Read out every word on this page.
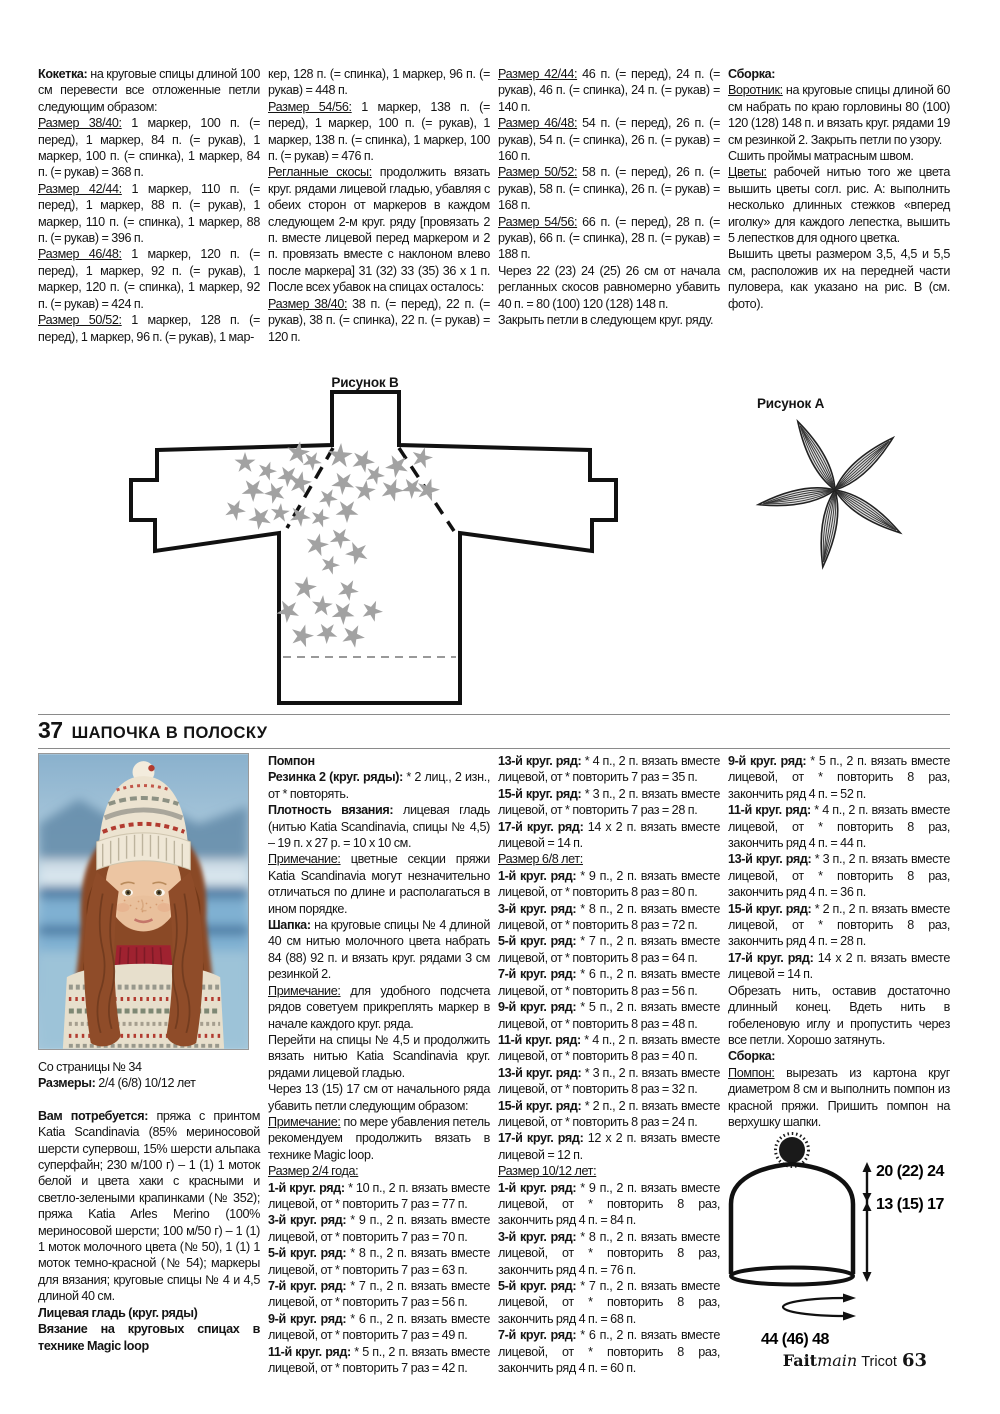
Кокетка: на круговые спицы длиной 100 см перевести все отложенные петли следующим образом:

Размер 38/40: 1 маркер, 100 п. (= перед), 1 маркер, 84 п. (= рукав), 1 маркер, 100 п. (= спинка), 1 маркер, 84 п. (= рукав) = 368 п.

Размер 42/44: 1 маркер, 110 п. (= перед), 1 маркер, 88 п. (= рукав), 1 маркер, 110 п. (= спинка), 1 маркер, 88 п. (= рукав) = 396 п.

Размер 46/48: 1 маркер, 120 п. (= перед), 1 маркер, 92 п. (= рукав), 1 маркер, 120 п. (= спинка), 1 маркер, 92 п. (= рукав) = 424 п.

Размер 50/52: 1 маркер, 128 п. (= перед), 1 маркер, 96 п. (= рукав), 1 мар-

кер, 128 п. (= спинка), 1 маркер, 96 п. (= рукав) = 448 п.

Размер 54/56: 1 маркер, 138 п. (= перед), 1 маркер, 100 п. (= рукав), 1 маркер, 138 п. (= спинка), 1 маркер, 100 п. (= рукав) = 476 п.

Регланные скосы: продолжить вязать круг. рядами лицевой гладью, убавляя с обеих сторон от маркеров в каждом следующем 2-м круг. ряду [провязать 2 п. вместе лицевой перед маркером и 2 п. провязать вместе с наклоном влево после маркера] 31 (32) 33 (35) 36 х 1 п. После всех убавок на спицах осталось:

Размер 38/40: 38 п. (= перед), 22 п. (= рукав), 38 п. (= спинка), 22 п. (= рукав) = 120 п.

Размер 42/44: 46 п. (= перед), 24 п. (= рукав), 46 п. (= спинка), 24 п. (= рукав) = 140 п.

Размер 46/48: 54 п. (= перед), 26 п. (= рукав), 54 п. (= спинка), 26 п. (= рукав) = 160 п.

Размер 50/52: 58 п. (= перед), 26 п. (= рукав), 58 п. (= спинка), 26 п. (= рукав) = 168 п.

Размер 54/56: 66 п. (= перед), 28 п. (= рукав), 66 п. (= спинка), 28 п. (= рукав) = 188 п.

Через 22 (23) 24 (25) 26 см от начала регланных скосов равномерно убавить 40 п. = 80 (100) 120 (128) 148 п.

Закрыть петли в следующем круг. ряду.

Сборка:

Воротник: на круговые спицы длиной 60 см набрать по краю горловины 80 (100) 120 (128) 148 п. и вязать круг. рядами 19 см резинкой 2. Закрыть петли по узору.

Сшить проймы матрасным швом.

Цветы: рабочей нитью того же цвета вышить цветы согл. рис. А: выполнить несколько длинных стежков «вперед иголку» для каждого лепестка, вышить 5 лепестков для одного цветка.

Вышить цветы размером 3,5, 4,5 и 5,5 см, расположив их на передней части пуловера, как указано на рис. В (см. фото).

Рисунок B
Рисунок A
37 ШАПОЧКА В ПОЛОСКУ

Со страницы № 34

Размеры: 2/4 (6/8) 10/12 лет

Вам потребуется: пряжа с принтом Katia Scandinavia (85% мериносовой шерсти супервош, 15% шерсти альпака суперфайн; 230 м/100 г) – 1 (1) 1 моток белой и цвета хаки с красными и светло-зелеными крапинками (№ 352); пряжа Katia Arles Merino (100% мериносовой шерсти; 100 м/50 г) – 1 (1) 1 моток молочного цвета (№ 50), 1 (1) 1 моток темно-красной (№ 54); маркеры для вязания; круговые спицы № 4 и 4,5 длиной 40 см.

Лицевая гладь (круг. ряды)

Вязание на круговых спицах в технике Magic loop

Помпон

Резинка 2 (круг. ряды): * 2 лиц., 2 изн., от * повторять.

Плотность вязания: лицевая гладь (нитью Katia Scandinavia, спицы № 4,5) – 19 п. х 27 р. = 10 х 10 см.

Примечание: цветные секции пряжи Katia Scandinavia могут незначительно отличаться по длине и располагаться в ином порядке.

Шапка: на круговые спицы № 4 длиной 40 см нитью молочного цвета набрать 84 (88) 92 п. и вязать круг. рядами 3 см резинкой 2.

Примечание: для удобного подсчета рядов советуем прикреплять маркер в начале каждого круг. ряда.

Перейти на спицы № 4,5 и продолжить вязать нитью Katia Scandinavia круг. рядами лицевой гладью.

Через 13 (15) 17 см от начального ряда убавить петли следующим образом:

Примечание: по мере убавления петель рекомендуем продолжить вязать в технике Magic loop.

Размер 2/4 года:

1-й круг. ряд: * 10 п., 2 п. вязать вместе лицевой, от * повторить 7 раз = 77 п.

3-й круг. ряд: * 9 п., 2 п. вязать вместе лицевой, от * повторить 7 раз = 70 п.

5-й круг. ряд: * 8 п., 2 п. вязать вместе лицевой, от * повторить 7 раз = 63 п.

7-й круг. ряд: * 7 п., 2 п. вязать вместе лицевой, от * повторить 7 раз = 56 п.

9-й круг. ряд: * 6 п., 2 п. вязать вместе лицевой, от * повторить 7 раз = 49 п.

11-й круг. ряд: * 5 п., 2 п. вязать вместе лицевой, от * повторить 7 раз = 42 п.

13-й круг. ряд: * 4 п., 2 п. вязать вместе лицевой, от * повторить 7 раз = 35 п.

15-й круг. ряд: * 3 п., 2 п. вязать вместе лицевой, от * повторить 7 раз = 28 п.

17-й круг. ряд: 14 х 2 п. вязать вместе лицевой = 14 п.

Размер 6/8 лет:

1-й круг. ряд: * 9 п., 2 п. вязать вместе лицевой, от * повторить 8 раз = 80 п.

3-й круг. ряд: * 8 п., 2 п. вязать вместе лицевой, от * повторить 8 раз = 72 п.

5-й круг. ряд: * 7 п., 2 п. вязать вместе лицевой, от * повторить 8 раз = 64 п.

7-й круг. ряд: * 6 п., 2 п. вязать вместе лицевой, от * повторить 8 раз = 56 п.

9-й круг. ряд: * 5 п., 2 п. вязать вместе лицевой, от * повторить 8 раз = 48 п.

11-й круг. ряд: * 4 п., 2 п. вязать вместе лицевой, от * повторить 8 раз = 40 п.

13-й круг. ряд: * 3 п., 2 п. вязать вместе лицевой, от * повторить 8 раз = 32 п.

15-й круг. ряд: * 2 п., 2 п. вязать вместе лицевой, от * повторить 8 раз = 24 п.

17-й круг. ряд: 12 х 2 п. вязать вместе лицевой = 12 п.

Размер 10/12 лет:

1-й круг. ряд: * 9 п., 2 п. вязать вместе лицевой, от * повторить 8 раз, закончить ряд 4 п. = 84 п.

3-й круг. ряд: * 8 п., 2 п. вязать вместе лицевой, от * повторить 8 раз, закончить ряд 4 п. = 76 п.

5-й круг. ряд: * 7 п., 2 п. вязать вместе лицевой, от * повторить 8 раз, закончить ряд 4 п. = 68 п.

7-й круг. ряд: * 6 п., 2 п. вязать вместе лицевой, от * повторить 8 раз, закончить ряд 4 п. = 60 п.

9-й круг. ряд: * 5 п., 2 п. вязать вместе лицевой, от * повторить 8 раз, закончить ряд 4 п. = 52 п.

11-й круг. ряд: * 4 п., 2 п. вязать вместе лицевой, от * повторить 8 раз, закончить ряд 4 п. = 44 п.

13-й круг. ряд: * 3 п., 2 п. вязать вместе лицевой, от * повторить 8 раз, закончить ряд 4 п. = 36 п.

15-й круг. ряд: * 2 п., 2 п. вязать вместе лицевой, от * повторить 8 раз, закончить ряд 4 п. = 28 п.

17-й круг. ряд: 14 х 2 п. вязать вместе лицевой = 14 п.

Обрезать нить, оставив достаточно длинный конец. Вдеть нить в гобеленовую иглу и пропустить через все петли. Хорошо затянуть.

Сборка:

Помпон: вырезать из картона круг диаметром 8 см и выполнить помпон из красной пряжи. Пришить помпон на верхушку шапки.

20 (22) 24
13 (15) 17
44 (46) 48
Faitmain Tricot 63
